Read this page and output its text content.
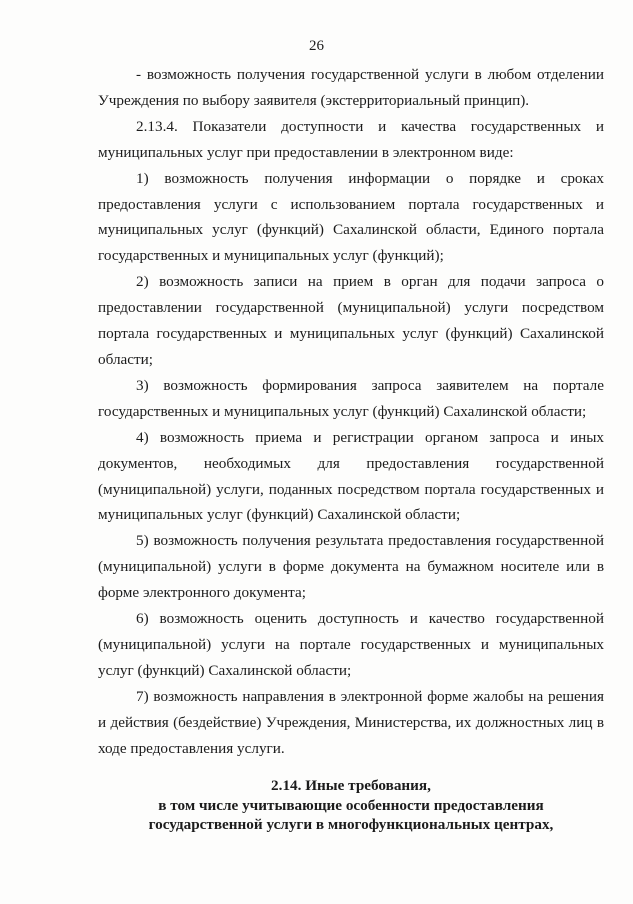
26

- возможность получения государственной услуги в любом отделении Учреждения по выбору заявителя (экстерриториальный принцип).

2.13.4. Показатели доступности и качества государственных и муниципальных услуг при предоставлении в электронном виде:

1) возможность получения информации о порядке и сроках предоставления услуги с использованием портала государственных и муниципальных услуг (функций) Сахалинской области, Единого портала государственных и муниципальных услуг (функций);

2) возможность записи на прием в орган для подачи запроса о предоставлении государственной (муниципальной) услуги посредством портала государственных и муниципальных услуг (функций) Сахалинской области;

3) возможность формирования запроса заявителем на портале государственных и муниципальных услуг (функций) Сахалинской области;

4) возможность приема и регистрации органом запроса и иных документов, необходимых для предоставления государственной (муниципальной) услуги, поданных посредством портала государственных и муниципальных услуг (функций) Сахалинской области;

5) возможность получения результата предоставления государственной (муниципальной) услуги в форме документа на бумажном носителе или в форме электронного документа;

6) возможность оценить доступность и качество государственной (муниципальной) услуги на портале государственных и муниципальных услуг (функций) Сахалинской области;

7) возможность направления в электронной форме жалобы на решения и действия (бездействие) Учреждения, Министерства, их должностных лиц в ходе предоставления услуги.

2.14. Иные требования,
в том числе учитывающие особенности предоставления
государственной услуги в многофункциональных центрах,
